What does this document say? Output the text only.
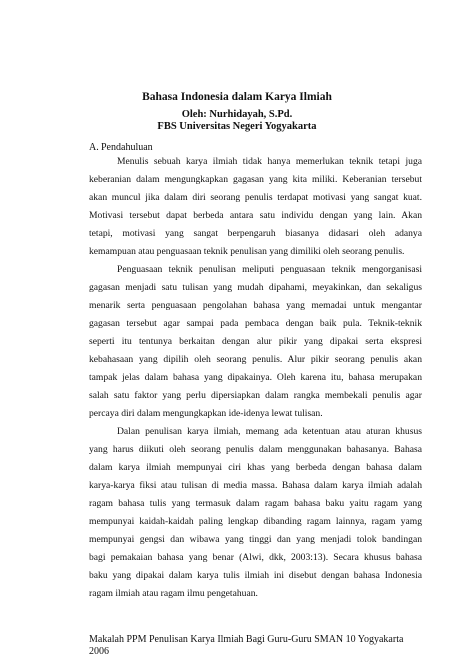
Bahasa Indonesia dalam Karya Ilmiah
Oleh: Nurhidayah, S.Pd.
FBS Universitas Negeri Yogyakarta
A. Pendahuluan
Menulis sebuah karya ilmiah tidak hanya memerlukan teknik tetapi juga
keberanian dalam mengungkapkan gagasan yang kita miliki. Keberanian tersebut
akan muncul jika dalam diri seorang penulis terdapat motivasi yang sangat kuat.
Motivasi tersebut dapat berbeda antara satu individu dengan yang lain. Akan
tetapi, motivasi yang sangat berpengaruh biasanya didasari oleh adanya
kemampuan atau penguasaan teknik penulisan yang dimiliki oleh seorang penulis.
Penguasaan teknik penulisan meliputi penguasaan teknik mengorganisasi
gagasan menjadi satu tulisan yang mudah dipahami, meyakinkan, dan sekaligus
menarik serta penguasaan pengolahan bahasa yang memadai untuk mengantar
gagasan tersebut agar sampai pada pembaca dengan baik pula. Teknik-teknik
seperti itu tentunya berkaitan dengan alur pikir yang dipakai serta ekspresi
kebahasaan yang dipilih oleh seorang penulis. Alur pikir seorang penulis akan
tampak jelas dalam bahasa yang dipakainya. Oleh karena itu, bahasa merupakan
salah satu faktor yang perlu dipersiapkan dalam rangka membekali penulis agar
percaya diri dalam mengungkapkan ide-idenya lewat tulisan.
Dalan penulisan karya ilmiah, memang ada ketentuan atau aturan khusus
yang harus diikuti oleh seorang penulis dalam menggunakan bahasanya. Bahasa
dalam karya ilmiah mempunyai ciri khas yang berbeda dengan bahasa dalam
karya-karya fiksi atau tulisan di media massa. Bahasa dalam karya ilmiah adalah
ragam bahasa tulis yang termasuk dalam ragam bahasa baku yaitu ragam yang
mempunyai kaidah-kaidah paling lengkap dibanding ragam lainnya, ragam yamg
mempunyai gengsi dan wibawa yang tinggi dan yang menjadi tolok bandingan
bagi pemakaian bahasa yang benar (Alwi, dkk, 2003:13). Secara khusus bahasa
baku yang dipakai dalam karya tulis ilmiah ini disebut dengan bahasa Indonesia
ragam ilmiah atau ragam ilmu pengetahuan.
Makalah PPM Penulisan Karya Ilmiah Bagi Guru-Guru SMAN 10 Yogyakarta
2006
